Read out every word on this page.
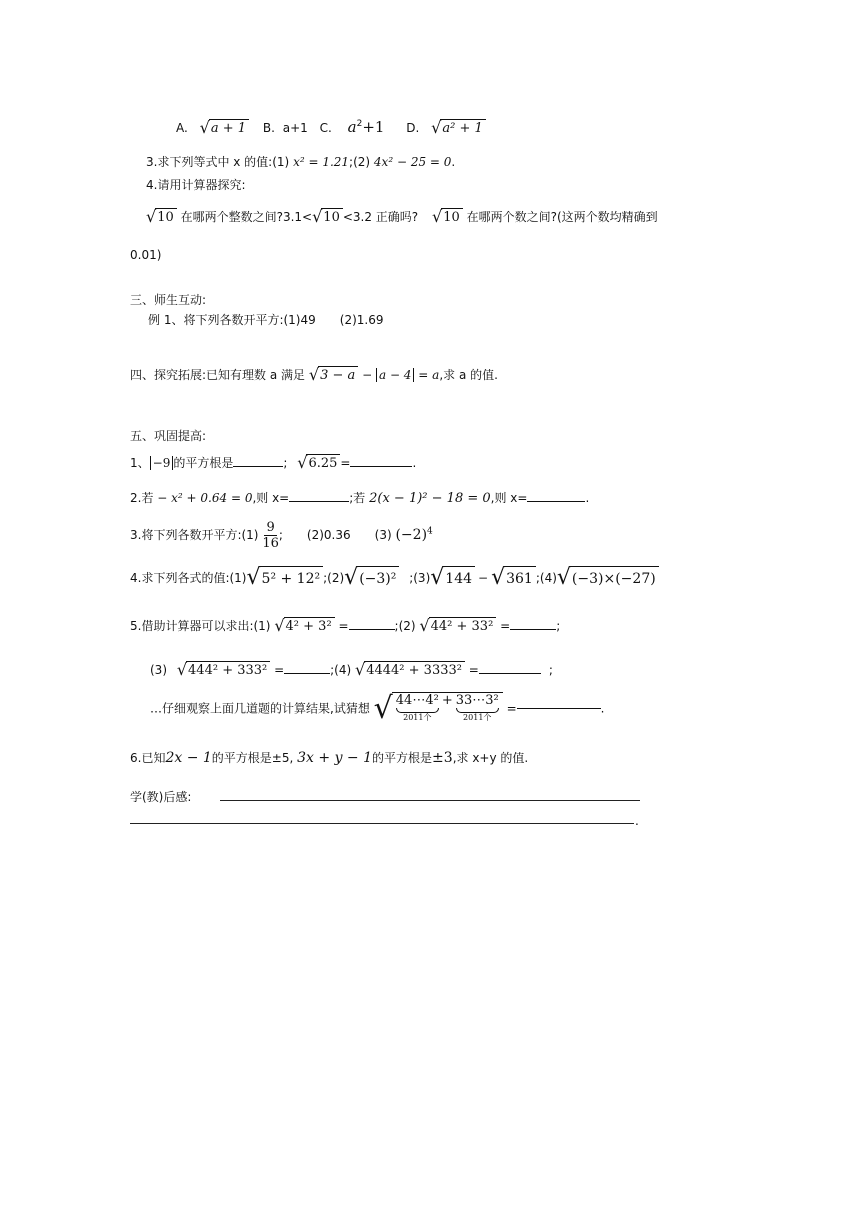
A. √ a + 1 B. a+1 C. $a^2+1$ D. √ a² + 1
3.求下列等式中 x 的值:(1) x² = 1.21;(2) 4x² − 25 = 0.
4.请用计算器探究:
√ 10 在哪两个整数之间?3.1< √ 10 <3.2 正确吗? √ 10 在哪两个数之间?(这两个数均精确到
0.01)
三、师生互动:
例 1、将下列各数开平方:(1)49　　(2)1.69
四、探究拓展:已知有理数 a 满足 √ 3 − a − a − 4 = a,求 a 的值.
五、巩固提高:
1、 −9 的平方根是	; √ 6.25 =	.
2.若 − x² + 0.64 = 0,则 x=	;若 2(x − 1)² − 18 = 0,则 x=	.
3.将下列各数开平方:(1) $\frac{9}{16}$ ;　　(2)0.36　　(3) $(-2)^4$
4.求下列各式的值:(1) √ 5² + 12² ;(2) √ (−3)² ;(3) √ 144 − √ 361 ;(4) √ (−3)×(−27)
5.借助计算器可以求出:(1) √ 4² + 3² =	;(2) √ 44² + 33² =	;
(3) √ 444² + 333² =	;(4) √ 4444² + 3333² =	;
…仔细观察上面几道题的计算结果,试猜想 √ 44⋯4²
2011个
+ 33⋯3²
2011个
=	.
6.已知2x − 1的平方根是±5, 3x + y − 1的平方根是±3,求 x+y 的值.
学(教)后感:
.
